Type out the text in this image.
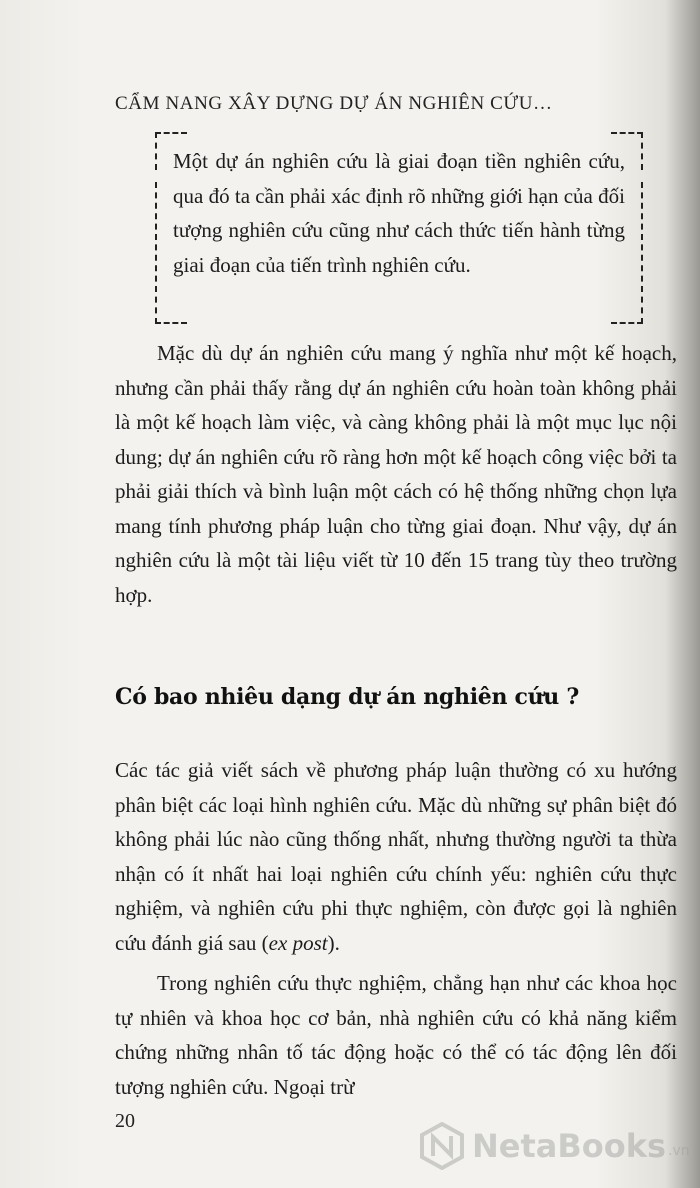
CẨM NANG XÂY DỰNG DỰ ÁN NGHIÊN CỨU…
Một dự án nghiên cứu là giai đoạn tiền nghiên cứu, qua đó ta cần phải xác định rõ những giới hạn của đối tượng nghiên cứu cũng như cách thức tiến hành từng giai đoạn của tiến trình nghiên cứu.
Mặc dù dự án nghiên cứu mang ý nghĩa như một kế hoạch, nhưng cần phải thấy rằng dự án nghiên cứu hoàn toàn không phải là một kế hoạch làm việc, và càng không phải là một mục lục nội dung; dự án nghiên cứu rõ ràng hơn một kế hoạch công việc bởi ta phải giải thích và bình luận một cách có hệ thống những chọn lựa mang tính phương pháp luận cho từng giai đoạn. Như vậy, dự án nghiên cứu là một tài liệu viết từ 10 đến 15 trang tùy theo trường hợp.
Có bao nhiêu dạng dự án nghiên cứu ?
Các tác giả viết sách về phương pháp luận thường có xu hướng phân biệt các loại hình nghiên cứu. Mặc dù những sự phân biệt đó không phải lúc nào cũng thống nhất, nhưng thường người ta thừa nhận có ít nhất hai loại nghiên cứu chính yếu: nghiên cứu thực nghiệm, và nghiên cứu phi thực nghiệm, còn được gọi là nghiên cứu đánh giá sau (ex post).
Trong nghiên cứu thực nghiệm, chẳng hạn như các khoa học tự nhiên và khoa học cơ bản, nhà nghiên cứu có khả năng kiểm chứng những nhân tố tác động hoặc có thể có tác động lên đối tượng nghiên cứu. Ngoại trừ
20
NetaBooks .vn
